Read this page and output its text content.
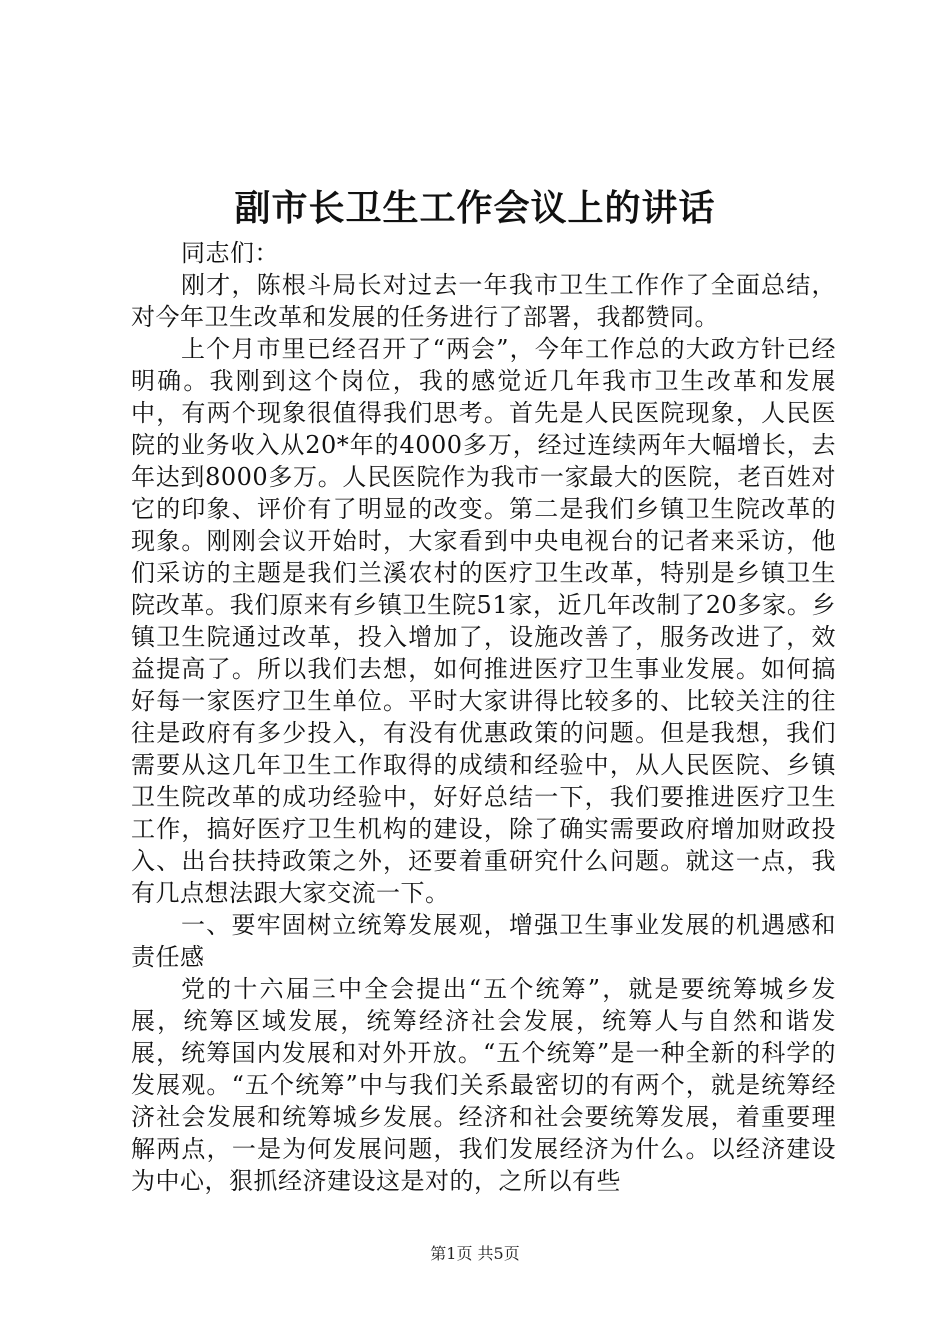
副市长卫生工作会议上的讲话

同志们：

刚才，陈根斗局长对过去一年我市卫生工作作了全面总结，对今年卫生改革和发展的任务进行了部署，我都赞同。

上个月市里已经召开了“两会”，今年工作总的大政方针已经明确。我刚到这个岗位，我的感觉近几年我市卫生改革和发展中，有两个现象很值得我们思考。首先是人民医院现象，人民医院的业务收入从20*年的4000多万，经过连续两年大幅增长，去年达到8000多万。人民医院作为我市一家最大的医院，老百姓对它的印象、评价有了明显的改变。第二是我们乡镇卫生院改革的现象。刚刚会议开始时，大家看到中央电视台的记者来采访，他们采访的主题是我们兰溪农村的医疗卫生改革，特别是乡镇卫生院改革。我们原来有乡镇卫生院51家，近几年改制了20多家。乡镇卫生院通过改革，投入增加了，设施改善了，服务改进了，效益提高了。所以我们去想，如何推进医疗卫生事业发展。如何搞好每一家医疗卫生单位。平时大家讲得比较多的、比较关注的往往是政府有多少投入，有没有优惠政策的问题。但是我想，我们需要从这几年卫生工作取得的成绩和经验中，从人民医院、乡镇卫生院改革的成功经验中，好好总结一下，我们要推进医疗卫生工作，搞好医疗卫生机构的建设，除了确实需要政府增加财政投入、出台扶持政策之外，还要着重研究什么问题。就这一点，我有几点想法跟大家交流一下。

一、要牢固树立统筹发展观，增强卫生事业发展的机遇感和责任感

党的十六届三中全会提出“五个统筹”，就是要统筹城乡发展，统筹区域发展，统筹经济社会发展，统筹人与自然和谐发展，统筹国内发展和对外开放。“五个统筹”是一种全新的科学的发展观。“五个统筹”中与我们关系最密切的有两个，就是统筹经济社会发展和统筹城乡发展。经济和社会要统筹发展，着重要理解两点，一是为何发展问题，我们发展经济为什么。以经济建设为中心，狠抓经济建设这是对的，之所以有些

第1页 共5页
